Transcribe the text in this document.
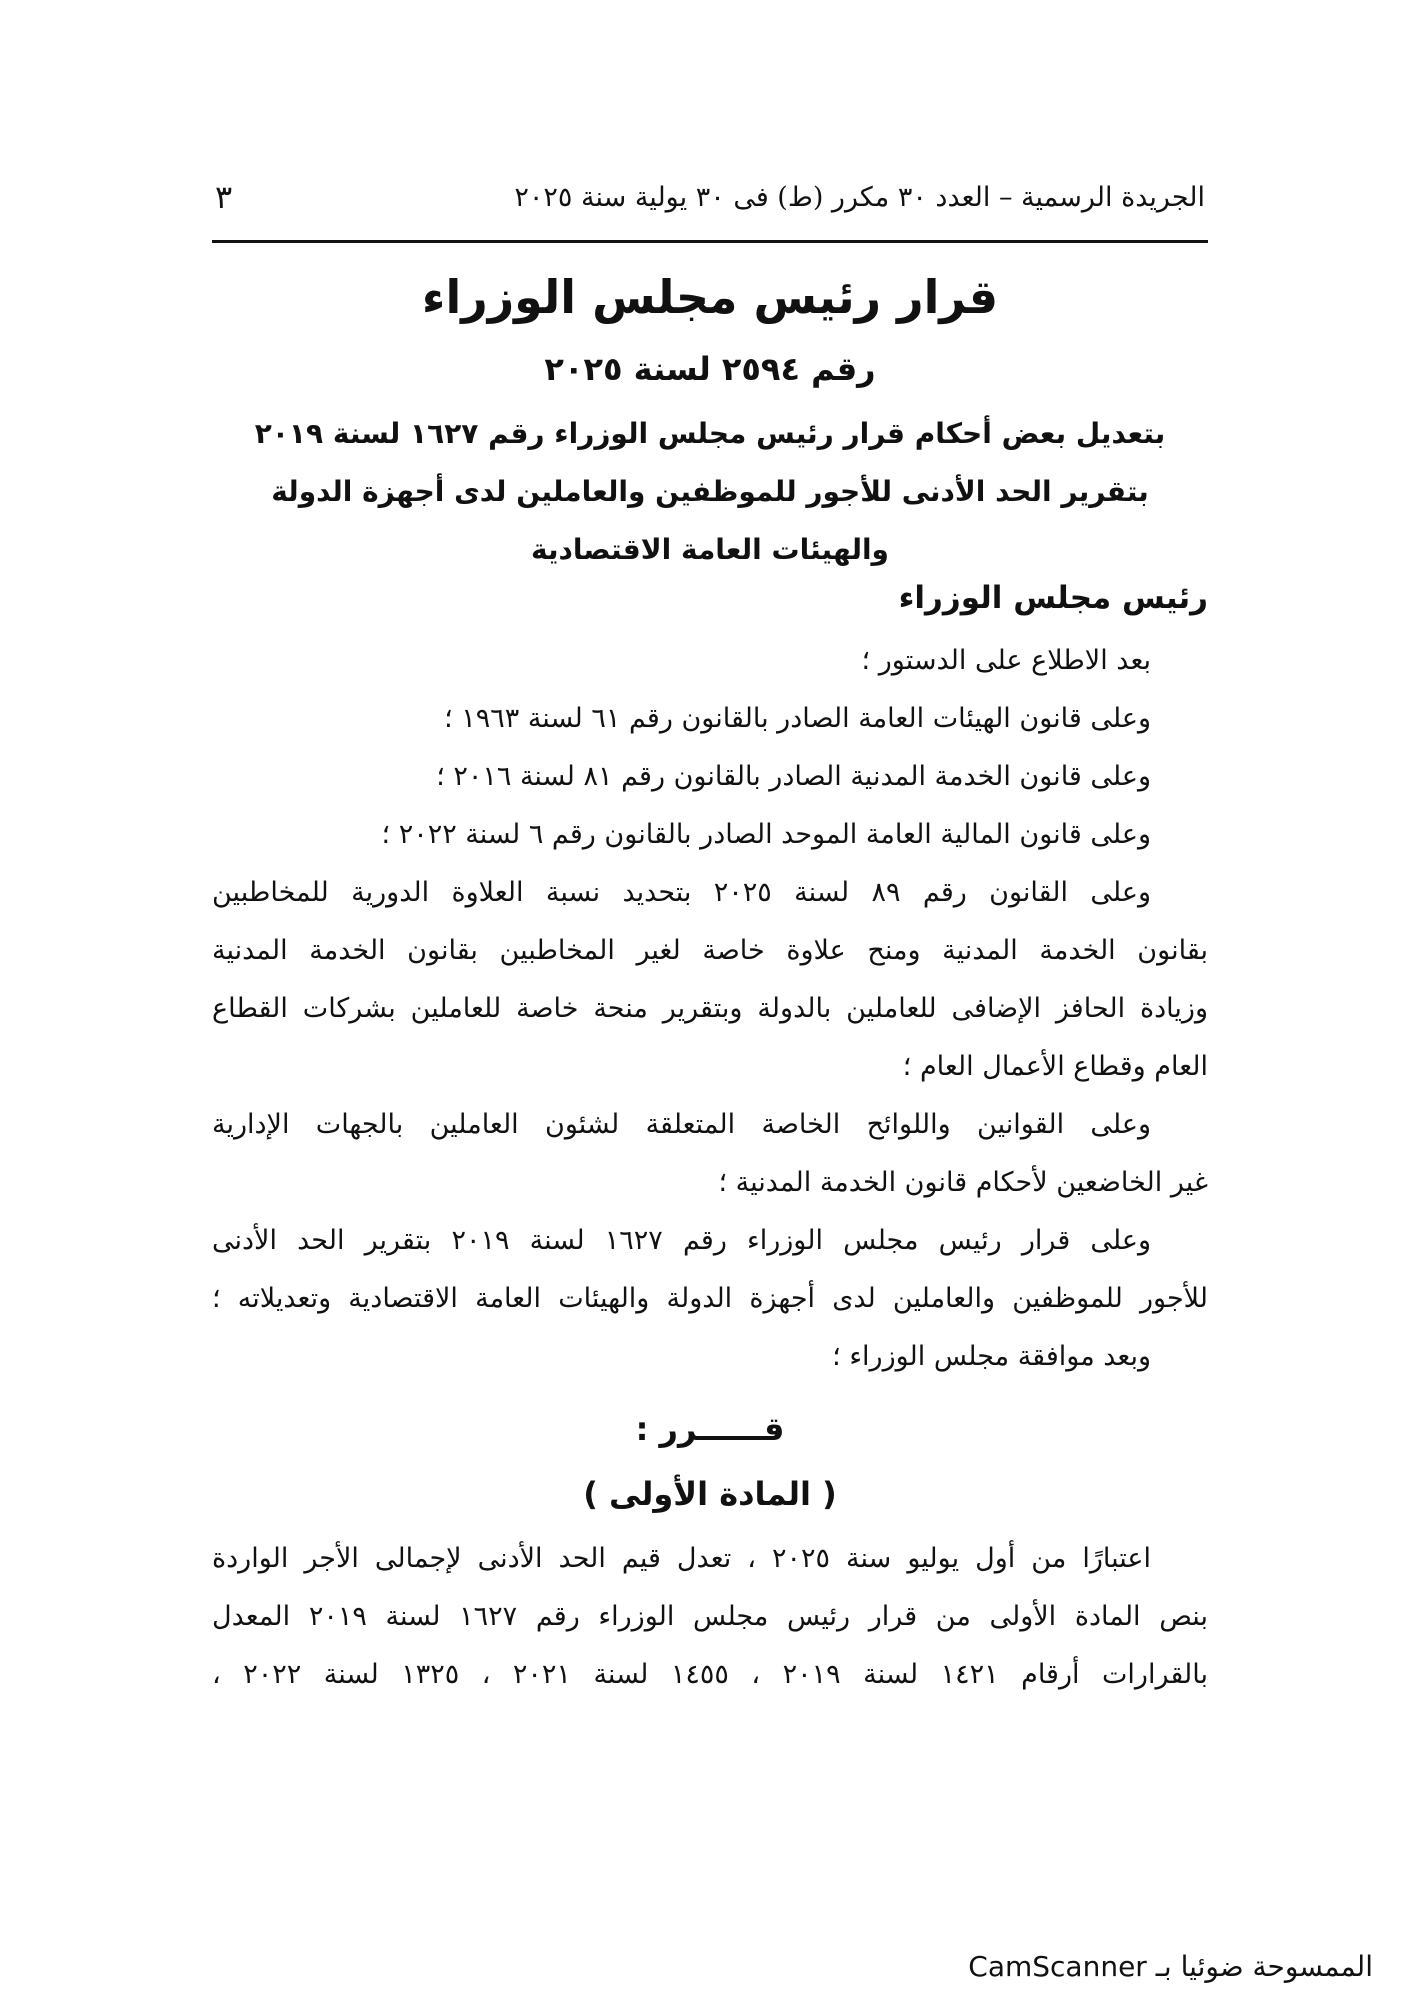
الجريدة الرسمية – العدد ٣٠ مكرر (ط) فى ٣٠ يولية سنة ٢٠٢٥
٣
قرار رئيس مجلس الوزراء
رقم ٢٥٩٤ لسنة ٢٠٢٥
بتعديل بعض أحكام قرار رئيس مجلس الوزراء رقم ١٦٢٧ لسنة ٢٠١٩
بتقرير الحد الأدنى للأجور للموظفين والعاملين لدى أجهزة الدولة
والهيئات العامة الاقتصادية
رئيس مجلس الوزراء
بعد الاطلاع على الدستور ؛
وعلى قانون الهيئات العامة الصادر بالقانون رقم ٦١ لسنة ١٩٦٣ ؛
وعلى قانون الخدمة المدنية الصادر بالقانون رقم ٨١ لسنة ٢٠١٦ ؛
وعلى قانون المالية العامة الموحد الصادر بالقانون رقم ٦ لسنة ٢٠٢٢ ؛
وعلى القانون رقم ٨٩ لسنة ٢٠٢٥ بتحديد نسبة العلاوة الدورية للمخاطبين
بقانون الخدمة المدنية ومنح علاوة خاصة لغير المخاطبين بقانون الخدمة المدنية
وزيادة الحافز الإضافى للعاملين بالدولة وبتقرير منحة خاصة للعاملين بشركات القطاع
العام وقطاع الأعمال العام ؛
وعلى القوانين واللوائح الخاصة المتعلقة لشئون العاملين بالجهات الإدارية
غير الخاضعين لأحكام قانون الخدمة المدنية ؛
وعلى قرار رئيس مجلس الوزراء رقم ١٦٢٧ لسنة ٢٠١٩ بتقرير الحد الأدنى
للأجور للموظفين والعاملين لدى أجهزة الدولة والهيئات العامة الاقتصادية وتعديلاته ؛
وبعد موافقة مجلس الوزراء ؛
قــــــرر :
( المادة الأولى )
اعتبارًا من أول يوليو سنة ٢٠٢٥ ، تعدل قيم الحد الأدنى لإجمالى الأجر الواردة
بنص المادة الأولى من قرار رئيس مجلس الوزراء رقم ١٦٢٧ لسنة ٢٠١٩ المعدل
بالقرارات أرقام ١٤٢١ لسنة ٢٠١٩ ، ١٤٥٥ لسنة ٢٠٢١ ، ١٣٢٥ لسنة ٢٠٢٢ ،
الممسوحة ضوئيا بـ CamScanner
